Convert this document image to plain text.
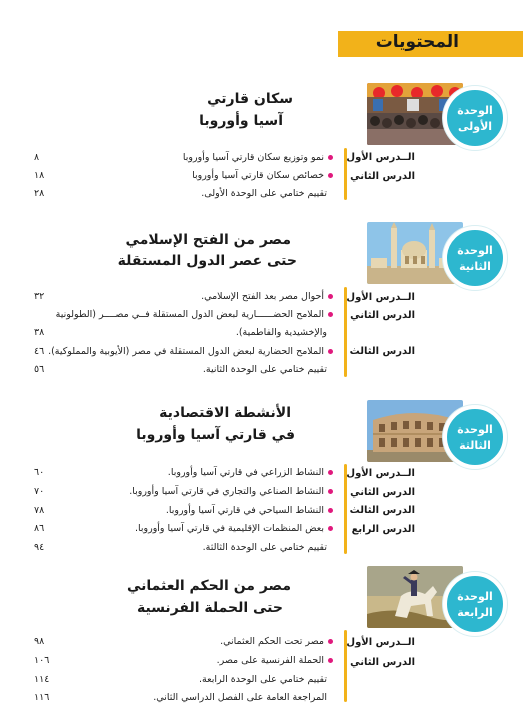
المحتويات
سكان قارتي
آسيا وأوروبا
الوحدة
الأولى
الــدرس الأول
الدرس الثاني
نمو وتوزيع سكان قارتي آسيا وأوروبا
٨
خصائص سكان قارتي آسيا وأوروبا
١٨
تقييم ختامي على الوحدة الأولى.
٢٨
مصر من الفتح الإسلامي
حتى عصر الدول المستقلة
الوحدة
الثانية
الــدرس الأول
الدرس الثاني
الدرس الثالث
أحوال مصر بعد الفتح الإسلامي.
٣٢
الملامح الحضــــــارية لبعض الدول المستقلة فــي مصــــر (الطولونية
والإخشيدية والفاطمية).
٣٨
الملامح الحضارية لبعض الدول المستقلة في مصر (الأيوبية والمملوكية).
٤٦
تقييم ختامي على الوحدة الثانية.
٥٦
الأنشطة الاقتصادية
في قارتي آسيا وأوروبا	الوحدة
الثالثة
الــدرس الأول
الدرس الثاني
الدرس الثالث
الدرس الرابع
النشاط الزراعي في قارتي آسيا وأوروبا.
٦٠
النشاط الصناعي والتجاري في قارتي آسيا وأوروبا.
٧٠
النشاط السياحي في قارتي آسيا وأوروبا.
٧٨
بعض المنظمات الإقليمية في قارتي آسيا وأوروبا.
٨٦
تقييم ختامي على الوحدة الثالثة.
٩٤
مصر من الحكم العثماني
حتى الحملة الفرنسية
الوحدة
الرابعة
الــدرس الأول
الدرس الثاني
مصر تحت الحكم العثماني.
٩٨
الحملة الفرنسية على مصر.
١٠٦
تقييم ختامي على الوحدة الرابعة.
١١٤
المراجعة العامة على الفصل الدراسي الثاني.
١١٦
